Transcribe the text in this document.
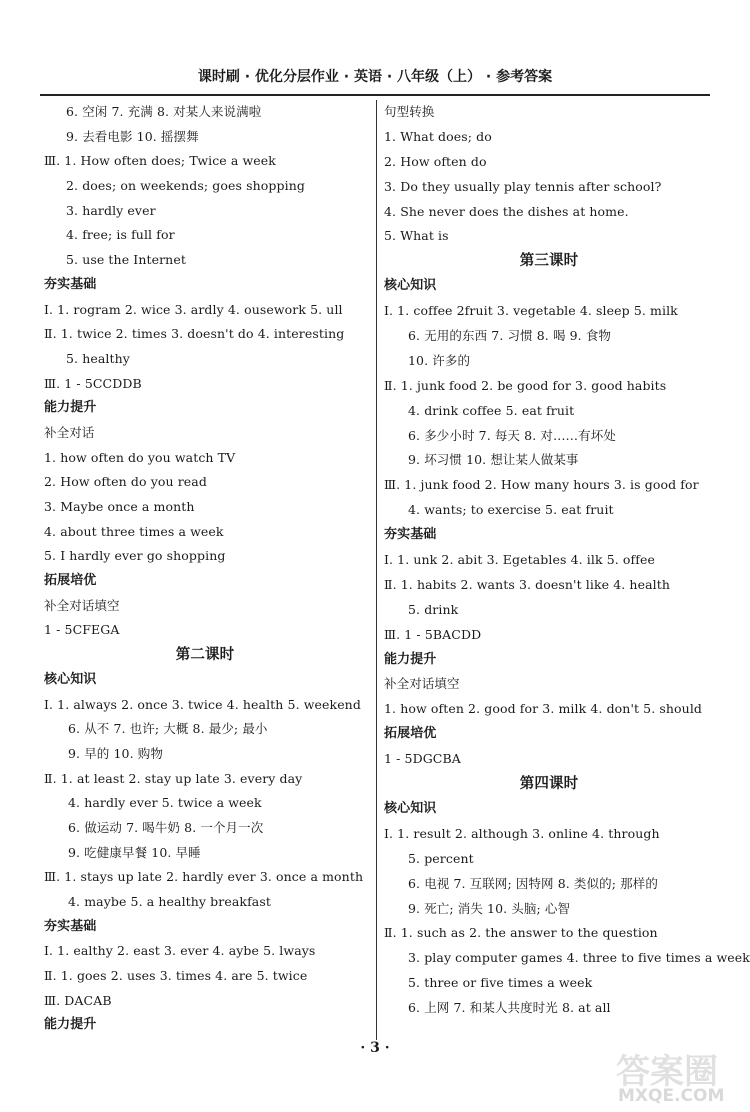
课时刷 · 优化分层作业 · 英语 · 八年级（上） · 参考答案
6. 空闲 7. 充满 8. 对某人来说满啦
9. 去看电影 10. 摇摆舞
Ⅲ. 1. How often does; Twice a week
2. does; on weekends; goes shopping
3. hardly ever
4. free; is full for
5. use the Internet
夯实基础
Ⅰ. 1. rogram 2. wice 3. ardly 4. ousework 5. ull
Ⅱ. 1. twice 2. times 3. doesn't do 4. interesting
5. healthy
Ⅲ. 1 - 5CCDDB
能力提升
补全对话
1. how often do you watch TV
2. How often do you read
3. Maybe once a month
4. about three times a week
5. I hardly ever go shopping
拓展培优
补全对话填空
1 - 5CFEGA
第二课时
核心知识
Ⅰ. 1. always 2. once 3. twice 4. health 5. weekend
6. 从不 7. 也许; 大概 8. 最少; 最小
9. 早的 10. 购物
Ⅱ. 1. at least 2. stay up late 3. every day
4. hardly ever 5. twice a week
6. 做运动 7. 喝牛奶 8. 一个月一次
9. 吃健康早餐 10. 早睡
Ⅲ. 1. stays up late 2. hardly ever 3. once a month
4. maybe 5. a healthy breakfast
夯实基础
Ⅰ. 1. ealthy 2. east 3. ever 4. aybe 5. lways
Ⅱ. 1. goes 2. uses 3. times 4. are 5. twice
Ⅲ. DACAB
能力提升
句型转换
1. What does; do
2. How often do
3. Do they usually play tennis after school?
4. She never does the dishes at home.
5. What is
第三课时
核心知识
Ⅰ. 1. coffee 2fruit 3. vegetable 4. sleep 5. milk
6. 无用的东西 7. 习惯 8. 喝 9. 食物
10. 许多的
Ⅱ. 1. junk food 2. be good for 3. good habits
4. drink coffee 5. eat fruit
6. 多少小时 7. 每天 8. 对……有坏处
9. 坏习惯 10. 想让某人做某事
Ⅲ. 1. junk food 2. How many hours 3. is good for
4. wants; to exercise 5. eat fruit
夯实基础
Ⅰ. 1. unk 2. abit 3. Egetables 4. ilk 5. offee
Ⅱ. 1. habits 2. wants 3. doesn't like 4. health
5. drink
Ⅲ. 1 - 5BACDD
能力提升
补全对话填空
1. how often 2. good for 3. milk 4. don't 5. should
拓展培优
1 - 5DGCBA
第四课时
核心知识
Ⅰ. 1. result 2. although 3. online 4. through
5. percent
6. 电视 7. 互联网; 因特网 8. 类似的; 那样的
9. 死亡; 消失 10. 头脑; 心智
Ⅱ. 1. such as 2. the answer to the question
3. play computer games 4. three to five times a week
5. three or five times a week
6. 上网 7. 和某人共度时光 8. at all
· 3 ·
答案圈
MXQE.COM
